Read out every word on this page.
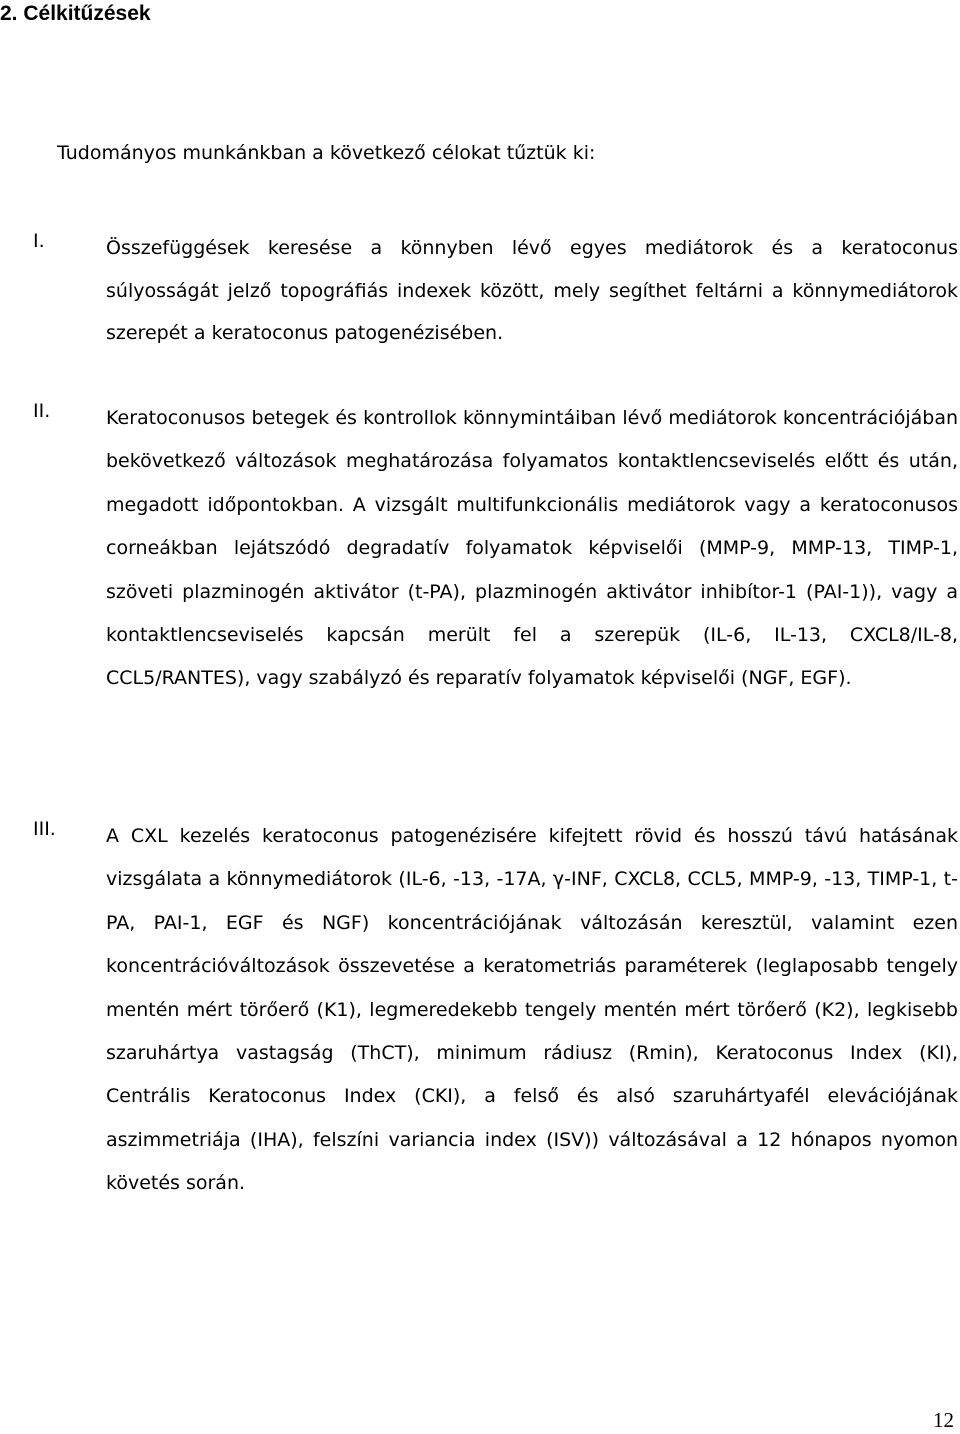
2. Célkitűzések

Tudományos munkánkban a következő célokat tűztük ki:

I.	Összefüggések keresése a könnyben lévő egyes mediátorok és a keratoconus súlyosságát jelző topográfiás indexek között, mely segíthet feltárni a könnymediátorok szerepét a keratoconus patogenézisében.

II.	Keratoconusos betegek és kontrollok könnymintáiban lévő mediátorok koncentrációjában bekövetkező változások meghatározása folyamatos kontaktlencseviselés előtt és után, megadott időpontokban. A vizsgált multifunkcionális mediátorok vagy a keratoconusos corneákban lejátszódó degradatív folyamatok képviselői (MMP-9, MMP-13, TIMP-1, szöveti plazminogén aktivátor (t-PA), plazminogén aktivátor inhibítor-1 (PAI-1)), vagy a kontaktlencseviselés kapcsán merült fel a szerepük (IL-6, IL-13, CXCL8/IL-8, CCL5/RANTES), vagy szabályzó és reparatív folyamatok képviselői (NGF, EGF).

III.	A CXL kezelés keratoconus patogenézisére kifejtett rövid és hosszú távú hatásának vizsgálata a könnymediátorok (IL-6, -13, -17A, γ-INF, CXCL8, CCL5, MMP-9, -13, TIMP-1, t-PA, PAI-1, EGF és NGF) koncentrációjának változásán keresztül, valamint ezen koncentrációváltozások összevetése a keratometriás paraméterek (leglaposabb tengely mentén mért törőerő (K1), legmeredekebb tengely mentén mért törőerő (K2), legkisebb szaruhártya vastagság (ThCT), minimum rádiusz (Rmin), Keratoconus Index (KI), Centrális Keratoconus Index (CKI), a felső és alsó szaruhártyafél elevációjának aszimmetriája (IHA), felszíni variancia index (ISV)) változásával a 12 hónapos nyomon követés során.

12
